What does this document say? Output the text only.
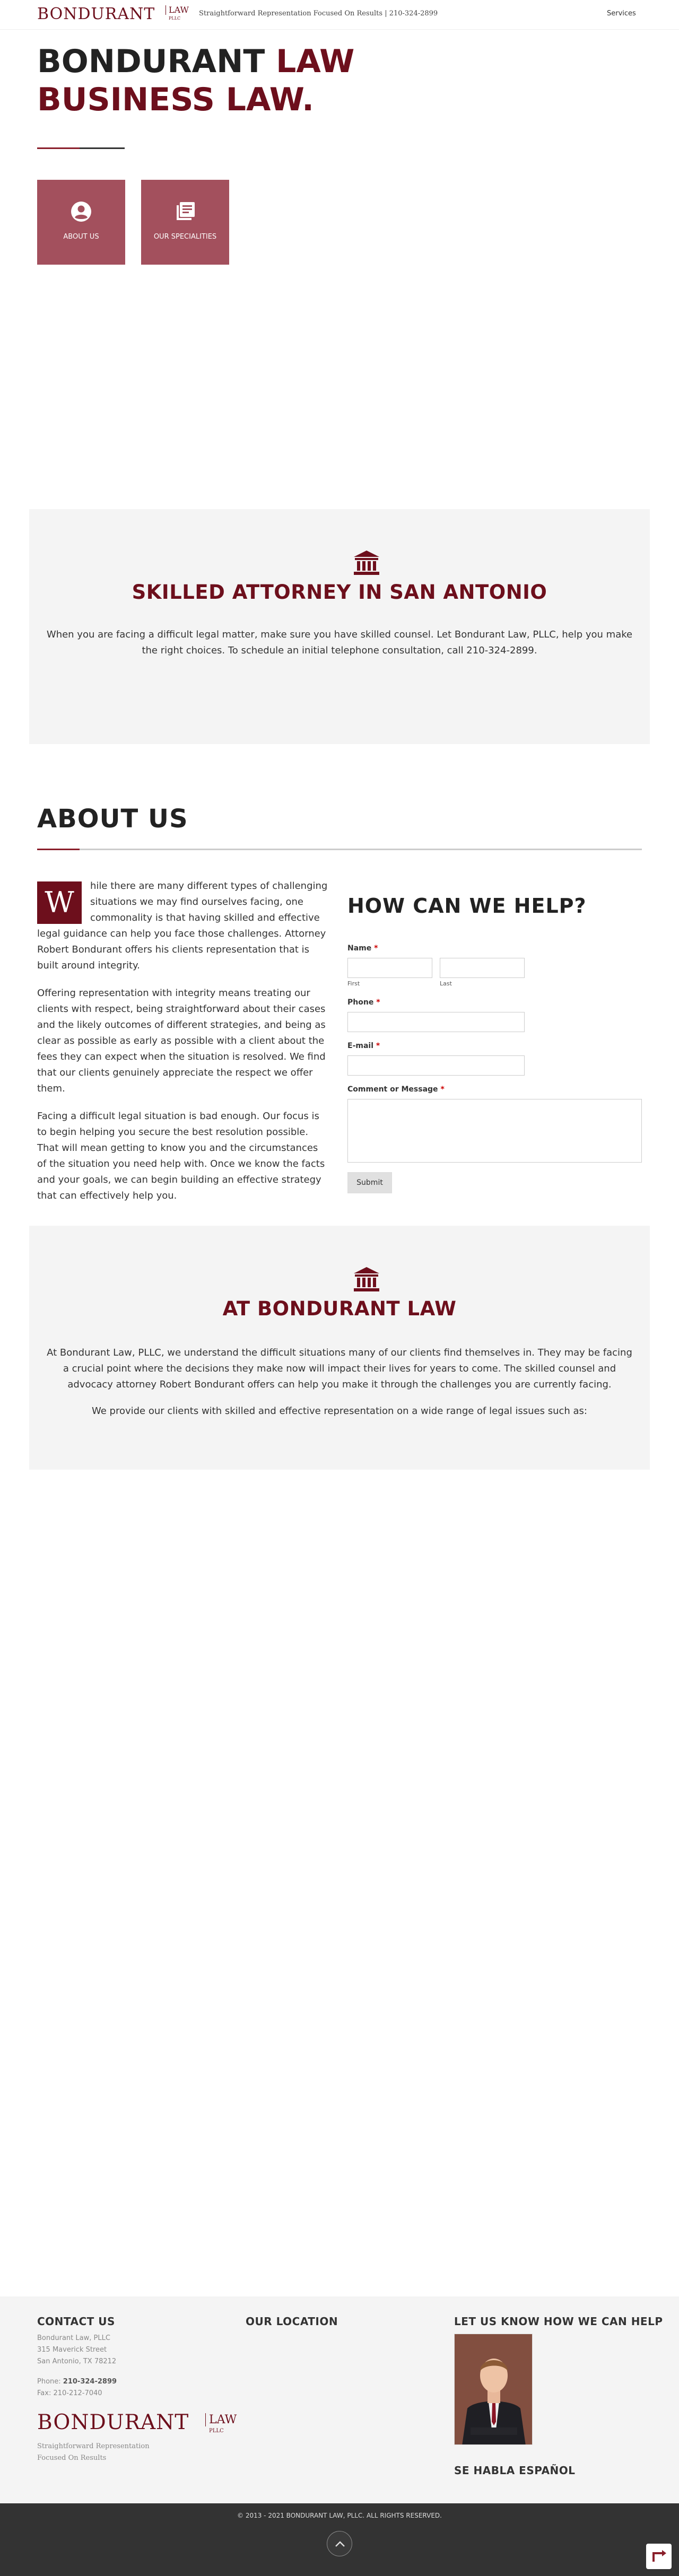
BONDURANT	LAW
PLLC
Straightforward Representation Focused On Results | 210-324-2899	Services
BONDURANT LAW
BUSINESS LAW.
ABOUT US	OUR SPECIALITIES
SKILLED ATTORNEY IN SAN ANTONIO

When you are facing a difficult legal matter, make sure you have skilled counsel. Let Bondurant Law, PLLC, help you make the right choices. To schedule an initial telephone consultation, call 210-324-2899.

ABOUT US

hile there are many different types of challenging situations we may find ourselves facing, one commonality is that having skilled and effective legal guidance can help you face those challenges. Attorney Robert Bondurant offers his clients representation that is built around integrity.

Offering representation with integrity means treating our clients with respect, being straightforward about their cases and the likely outcomes of different strategies, and being as clear as possible as early as possible with a client about the fees they can expect when the situation is resolved. We find that our clients genuinely appreciate the respect we offer them.

Facing a difficult legal situation is bad enough. Our focus is to begin helping you secure the best resolution possible. That will mean getting to know you and the circumstances of the situation you need help with. Once we know the facts and your goals, we can begin building an effective strategy that can effectively help you.

W	HOW CAN WE HELP?
Name *
First	Last
Phone *
E-mail *
Comment or Message *
Submit
AT BONDURANT LAW

At Bondurant Law, PLLC, we understand the difficult situations many of our clients find themselves in. They may be facing a crucial point where the decisions they make now will impact their lives for years to come. The skilled counsel and advocacy attorney Robert Bondurant offers can help you make it through the challenges you are currently facing.

We provide our clients with skilled and effective representation on a wide range of legal issues such as:

CONTACT US
Bondurant Law, PLLC
315 Maverick Street
San Antonio, TX 78212
Phone: 210-324-2899
Fax: 210-212-7040
OUR LOCATION	LET US KNOW HOW WE CAN HELP
SE HABLA ESPAÑOL
BONDURANT	LAW
PLLC
Straightforward Representation Focused On Results
© 2013 - 2021 BONDURANT LAW, PLLC. ALL RIGHTS RESERVED.
